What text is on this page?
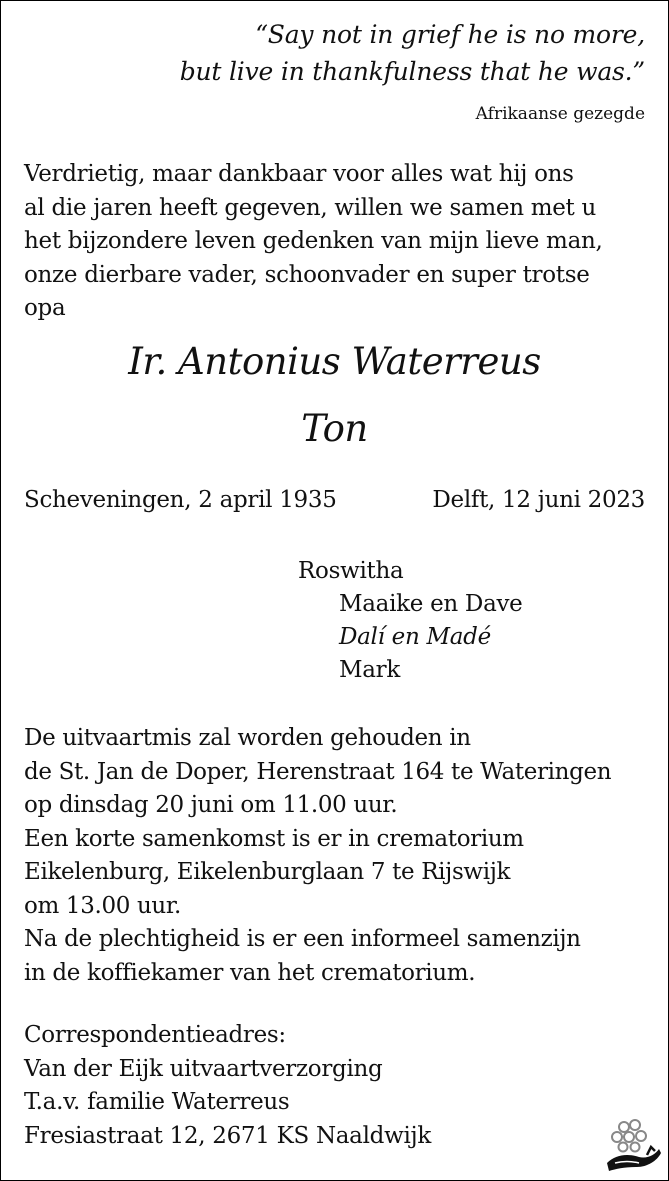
“Say not in grief he is no more,
but live in thankfulness that he was.”
Afrikaanse gezegde
Verdrietig, maar dankbaar voor alles wat hij ons
al die jaren heeft gegeven, willen we samen met u
het bijzondere leven gedenken van mijn lieve man,
onze dierbare vader, schoonvader en super trotse
opa
Ir. Antonius Waterreus
Ton
Scheveningen, 2 april 1935	Delft, 12 juni 2023
Roswitha
Maaike en Dave
Dalí en Madé
Mark
De uitvaartmis zal worden gehouden in
de St. Jan de Doper, Herenstraat 164 te Wateringen
op dinsdag 20 juni om 11.00 uur.
Een korte samenkomst is er in crematorium
Eikelenburg, Eikelenburglaan 7 te Rijswijk
om 13.00 uur.
Na de plechtigheid is er een informeel samenzijn
in de koffiekamer van het crematorium.
Correspondentieadres:
Van der Eijk uitvaartverzorging
T.a.v. familie Waterreus
Fresiastraat 12, 2671 KS Naaldwijk
